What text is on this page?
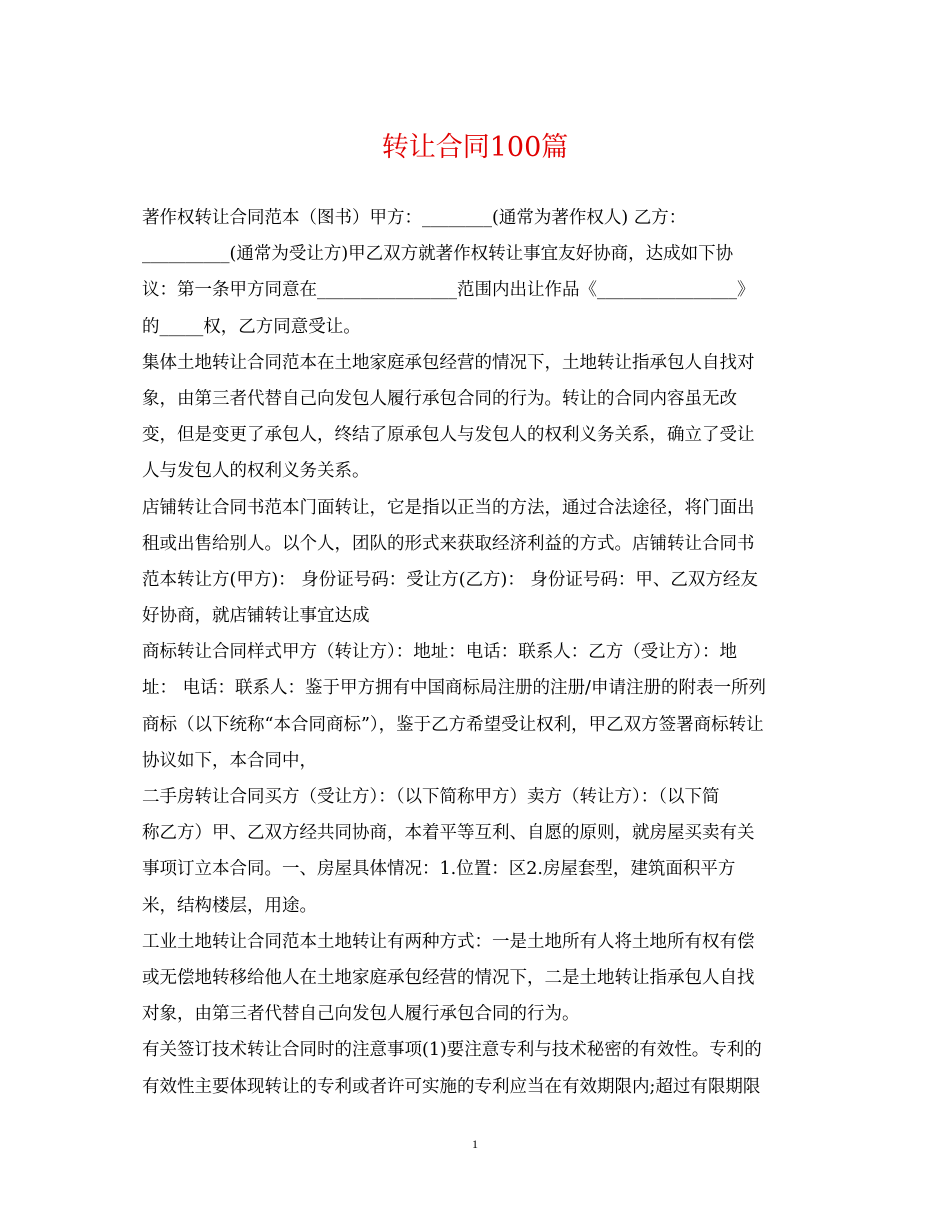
转让合同100篇
著作权转让合同范本（图书）甲方：________(通常为著作权人) 乙方：
__________(通常为受让方)甲乙双方就著作权转让事宜友好协商，达成如下协
议：第一条甲方同意在________________范围内出让作品《________________》
的_____权，乙方同意受让。
集体土地转让合同范本在土地家庭承包经营的情况下，土地转让指承包人自找对
象，由第三者代替自己向发包人履行承包合同的行为。转让的合同内容虽无改
变，但是变更了承包人，终结了原承包人与发包人的权利义务关系，确立了受让
人与发包人的权利义务关系。
店铺转让合同书范本门面转让，它是指以正当的方法，通过合法途径，将门面出
租或出售给别人。以个人，团队的形式来获取经济利益的方式。店铺转让合同书
范本转让方(甲方)： 身份证号码：受让方(乙方)： 身份证号码：甲、乙双方经友
好协商，就店铺转让事宜达成
商标转让合同样式甲方（转让方）：地址：电话：联系人：乙方（受让方）：地
址： 电话：联系人：鉴于甲方拥有中国商标局注册的注册/申请注册的附表一所列
商标（以下统称“本合同商标”），鉴于乙方希望受让权利，甲乙双方签署商标转让
协议如下，本合同中，
二手房转让合同买方（受让方）：（以下简称甲方）卖方（转让方）：（以下简
称乙方）甲、乙双方经共同协商，本着平等互利、自愿的原则，就房屋买卖有关
事项订立本合同。一、房屋具体情况：1.位置：区2.房屋套型，建筑面积平方
米，结构楼层，用途。
工业土地转让合同范本土地转让有两种方式：一是土地所有人将土地所有权有偿
或无偿地转移给他人在土地家庭承包经营的情况下，二是土地转让指承包人自找
对象，由第三者代替自己向发包人履行承包合同的行为。
有关签订技术转让合同时的注意事项(1)要注意专利与技术秘密的有效性。专利的
有效性主要体现转让的专利或者许可实施的专利应当在有效期限内;超过有限期限
1
